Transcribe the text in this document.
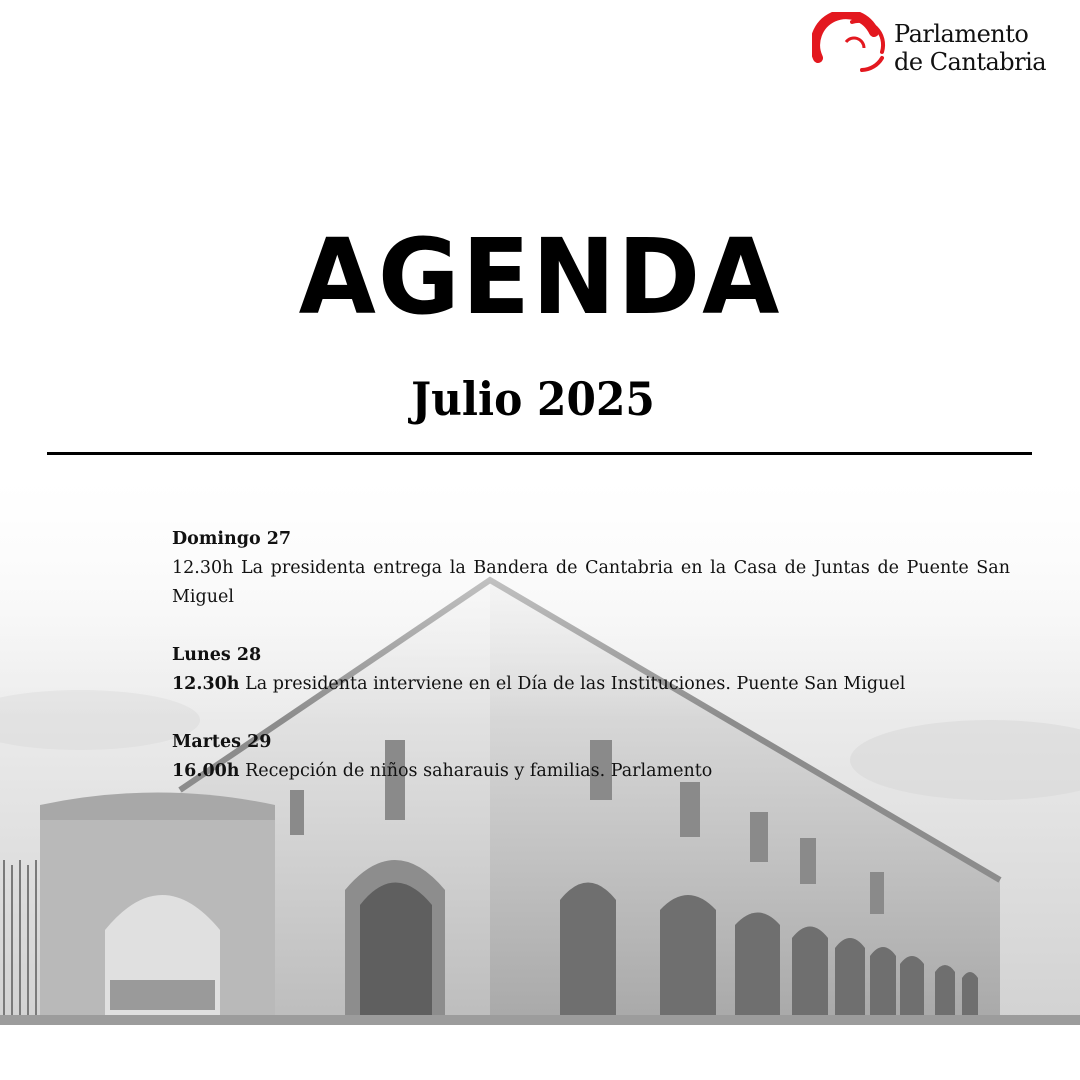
Parlamento
de Cantabria
AGENDA
Julio 2025
Domingo 27
12.30h La presidenta entrega la Bandera de Cantabria en la Casa de Juntas de Puente San Miguel
Lunes 28
12.30h La presidenta interviene en el Día de las Instituciones. Puente San Miguel
Martes 29
16.00h Recepción de niños saharauis y familias. Parlamento
